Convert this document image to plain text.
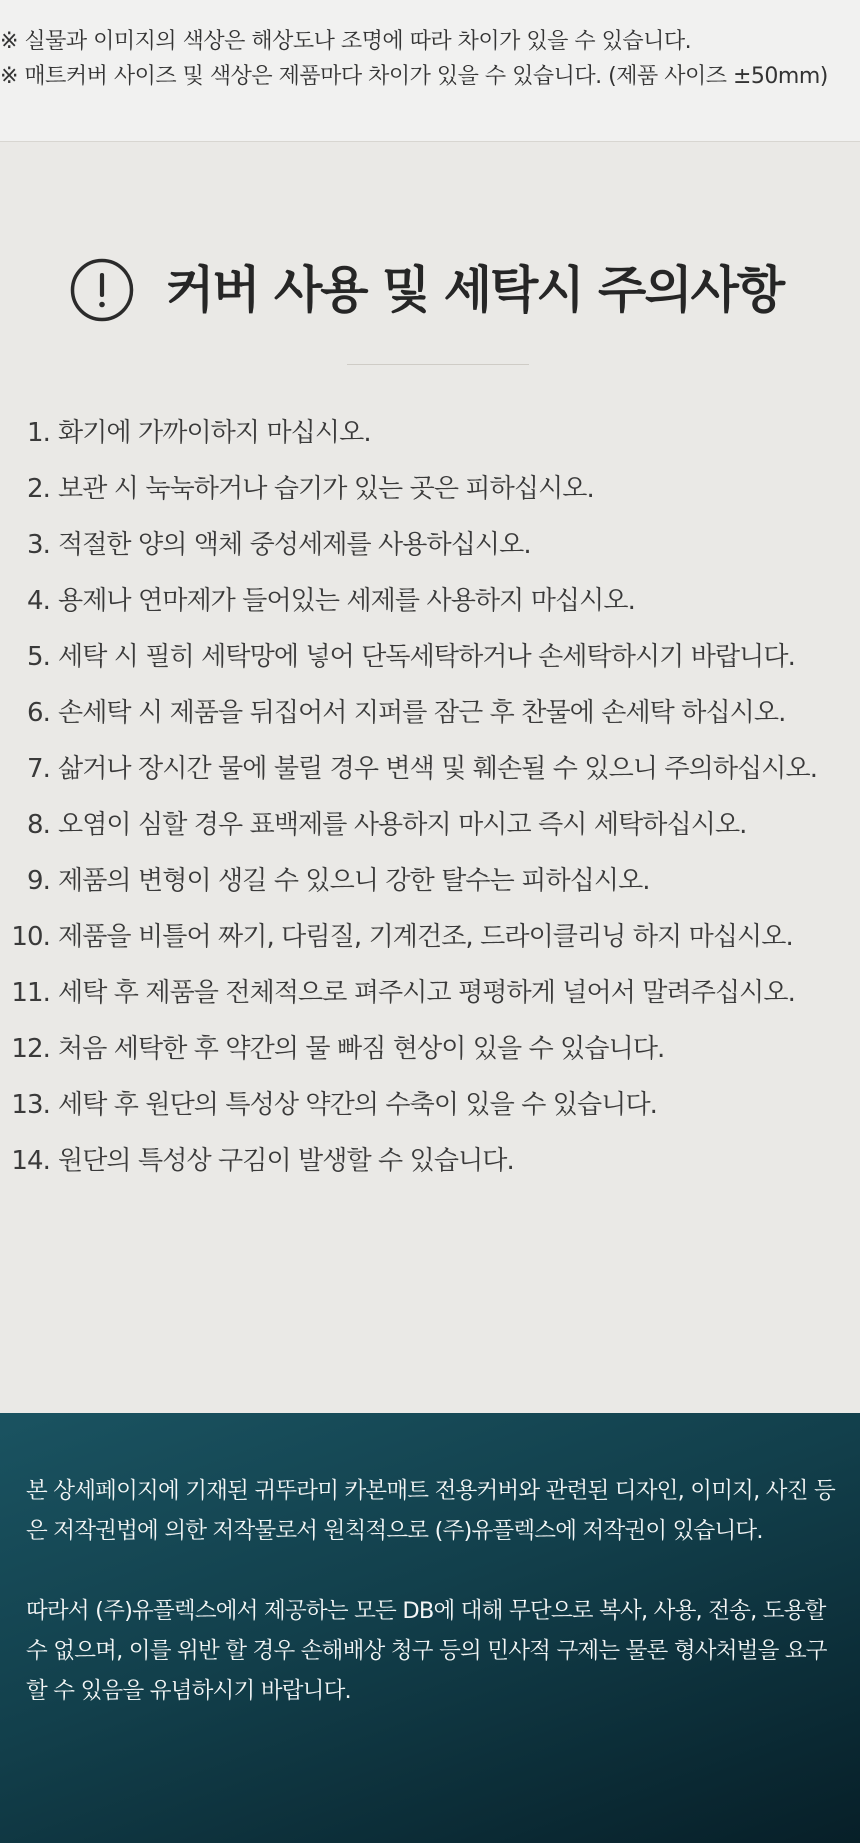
※ 실물과 이미지의 색상은 해상도나 조명에 따라 차이가 있을 수 있습니다.

※ 매트커버 사이즈 및 색상은 제품마다 차이가 있을 수 있습니다. (제품 사이즈 ±50mm)

커버 사용 및 세탁시 주의사항
1. 화기에 가까이하지 마십시오.
2. 보관 시 눅눅하거나 습기가 있는 곳은 피하십시오.
3. 적절한 양의 액체 중성세제를 사용하십시오.
4. 용제나 연마제가 들어있는 세제를 사용하지 마십시오.
5. 세탁 시 필히 세탁망에 넣어 단독세탁하거나 손세탁하시기 바랍니다.
6. 손세탁 시 제품을 뒤집어서 지퍼를 잠근 후 찬물에 손세탁 하십시오.
7. 삶거나 장시간 물에 불릴 경우 변색 및 훼손될 수 있으니 주의하십시오.
8. 오염이 심할 경우 표백제를 사용하지 마시고 즉시 세탁하십시오.
9. 제품의 변형이 생길 수 있으니 강한 탈수는 피하십시오.
10. 제품을 비틀어 짜기, 다림질, 기계건조, 드라이클리닝 하지 마십시오.
11. 세탁 후 제품을 전체적으로 펴주시고 평평하게 널어서 말려주십시오.
12. 처음 세탁한 후 약간의 물 빠짐 현상이 있을 수 있습니다.
13. 세탁 후 원단의 특성상 약간의 수축이 있을 수 있습니다.
14. 원단의 특성상 구김이 발생할 수 있습니다.

본 상세페이지에 기재된 귀뚜라미 카본매트 전용커버와 관련된 디자인, 이미지, 사진 등은 저작권법에 의한 저작물로서 원칙적으로 (주)유플렉스에 저작권이 있습니다.

따라서 (주)유플렉스에서 제공하는 모든 DB에 대해 무단으로 복사, 사용, 전송, 도용할 수 없으며, 이를 위반 할 경우 손해배상 청구 등의 민사적 구제는 물론 형사처벌을 요구할 수 있음을 유념하시기 바랍니다.
